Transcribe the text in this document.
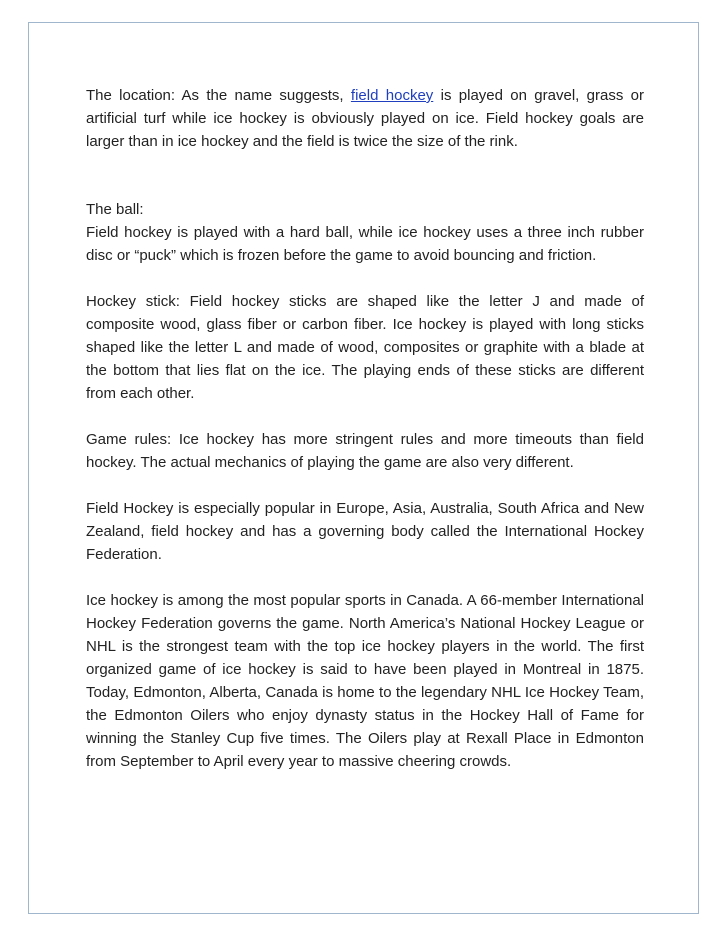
The location: As the name suggests, field hockey is played on gravel, grass or artificial turf while ice hockey is obviously played on ice. Field hockey goals are larger than in ice hockey and the field is twice the size of the rink.

The ball:

Field hockey is played with a hard ball, while ice hockey uses a three inch rubber disc or “puck” which is frozen before the game to avoid bouncing and friction.

Hockey stick: Field hockey sticks are shaped like the letter J and made of composite wood, glass fiber or carbon fiber. Ice hockey is played with long sticks shaped like the letter L and made of wood, composites or graphite with a blade at the bottom that lies flat on the ice. The playing ends of these sticks are different from each other.

Game rules: Ice hockey has more stringent rules and more timeouts than field hockey. The actual mechanics of playing the game are also very different.

Field Hockey is especially popular in Europe, Asia, Australia, South Africa and New Zealand, field hockey and has a governing body called the International Hockey Federation.

Ice hockey is among the most popular sports in Canada. A 66-member International Hockey Federation governs the game. North America’s National Hockey League or NHL is the strongest team with the top ice hockey players in the world. The first organized game of ice hockey is said to have been played in Montreal in 1875. Today, Edmonton, Alberta, Canada is home to the legendary NHL Ice Hockey Team, the Edmonton Oilers who enjoy dynasty status in the Hockey Hall of Fame for winning the Stanley Cup five times. The Oilers play at Rexall Place in Edmonton from September to April every year to massive cheering crowds.
